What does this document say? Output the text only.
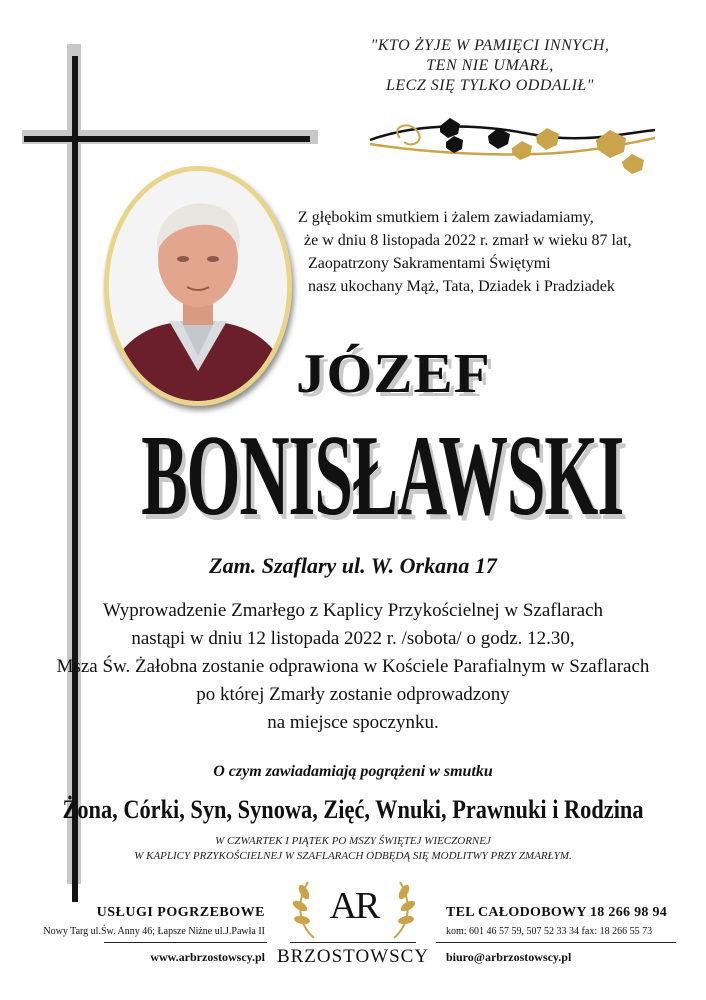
"KTO ŻYJE W PAMIĘCI INNYCH,
TEN NIE UMARŁ,
LECZ SIĘ TYLKO ODDALIŁ"
Z głębokim smutkiem i żalem zawiadamiamy,
że w dniu 8 listopada 2022 r. zmarł w wieku 87 lat,
Zaopatrzony Sakramentami Świętymi
nasz ukochany Mąż, Tata, Dziadek i Pradziadek
JÓZEF
BONISŁAWSKI
Zam. Szaflary ul. W. Orkana 17
Wyprowadzenie Zmarłego z Kaplicy Przykościelnej w Szaflarach
nastąpi w dniu 12 listopada 2022 r. /sobota/ o godz. 12.30,
Msza Św. Żałobna zostanie odprawiona w Kościele Parafialnym w Szaflarach
po której Zmarły zostanie odprowadzony
na miejsce spoczynku.
O czym zawiadamiają pogrążeni w smutku
Żona, Córki, Syn, Synowa, Zięć, Wnuki, Prawnuki i Rodzina
W CZWARTEK I PIĄTEK PO MSZY ŚWIĘTEJ WIECZORNEJ
W KAPLICY PRZYKOŚCIELNEJ W SZAFLARACH ODBĘDĄ SIĘ MODLITWY PRZY ZMARŁYM.
USŁUGI POGRZEBOWE
Nowy Targ ul.Św. Anny 46; Łapsze Niżne ul.J.Pawła II
www.arbrzostowscy.pl
AR
BRZOSTOWSCY
TEL CAŁODOBOWY 18 266 98 94
kom: 601 46 57 59, 507 52 33 34 fax: 18 266 55 73
biuro@arbrzostowscy.pl
